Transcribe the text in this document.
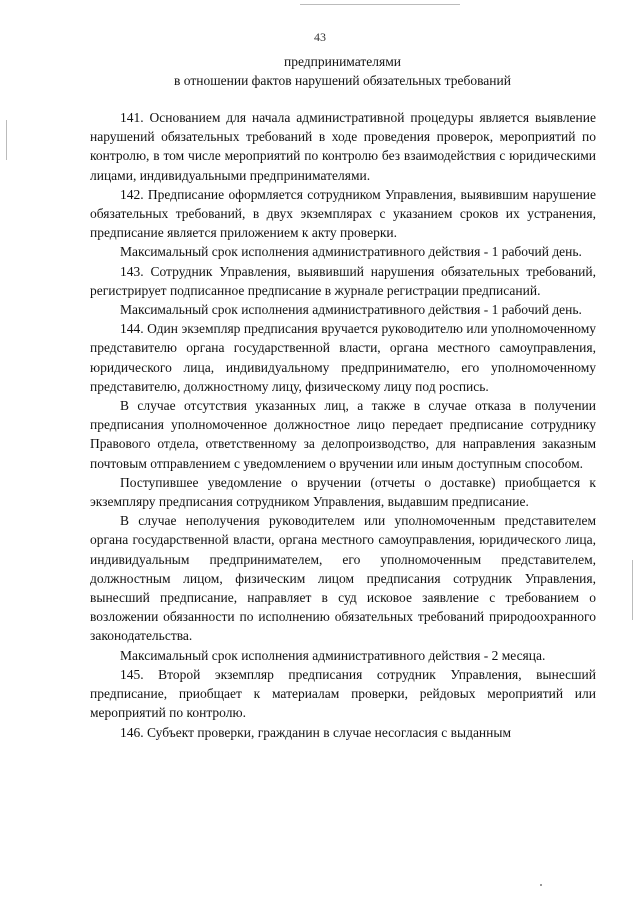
43
предпринимателями
в отношении фактов нарушений обязательных требований

141. Основанием для начала административной процедуры является выявление нарушений обязательных требований в ходе проведения проверок, мероприятий по контролю, в том числе мероприятий по контролю без взаимодействия с юридическими лицами, индивидуальными предпринимателями.

142. Предписание оформляется сотрудником Управления, выявившим нарушение обязательных требований, в двух экземплярах с указанием сроков их устранения, предписание является приложением к акту проверки.

Максимальный срок исполнения административного действия - 1 рабочий день.

143. Сотрудник Управления, выявивший нарушения обязательных требований, регистрирует подписанное предписание в журнале регистрации предписаний.

Максимальный срок исполнения административного действия - 1 рабочий день.

144. Один экземпляр предписания вручается руководителю или уполномоченному представителю органа государственной власти, органа местного самоуправления, юридического лица, индивидуальному предпринимателю, его уполномоченному представителю, должностному лицу, физическому лицу под роспись.

В случае отсутствия указанных лиц, а также в случае отказа в получении предписания уполномоченное должностное лицо передает предписание сотруднику Правового отдела, ответственному за делопроизводство, для направления заказным почтовым отправлением с уведомлением о вручении или иным доступным способом.

Поступившее уведомление о вручении (отчеты о доставке) приобщается к экземпляру предписания сотрудником Управления, выдавшим предписание.

В случае неполучения руководителем или уполномоченным представителем органа государственной власти, органа местного самоуправления, юридического лица, индивидуальным предпринимателем, его уполномоченным представителем, должностным лицом, физическим лицом предписания сотрудник Управления, вынесший предписание, направляет в суд исковое заявление с требованием о возложении обязанности по исполнению обязательных требований природоохранного законодательства.

Максимальный срок исполнения административного действия - 2 месяца.

145. Второй экземпляр предписания сотрудник Управления, вынесший предписание, приобщает к материалам проверки, рейдовых мероприятий или мероприятий по контролю.

146. Субъект проверки, гражданин в случае несогласия с выданным
